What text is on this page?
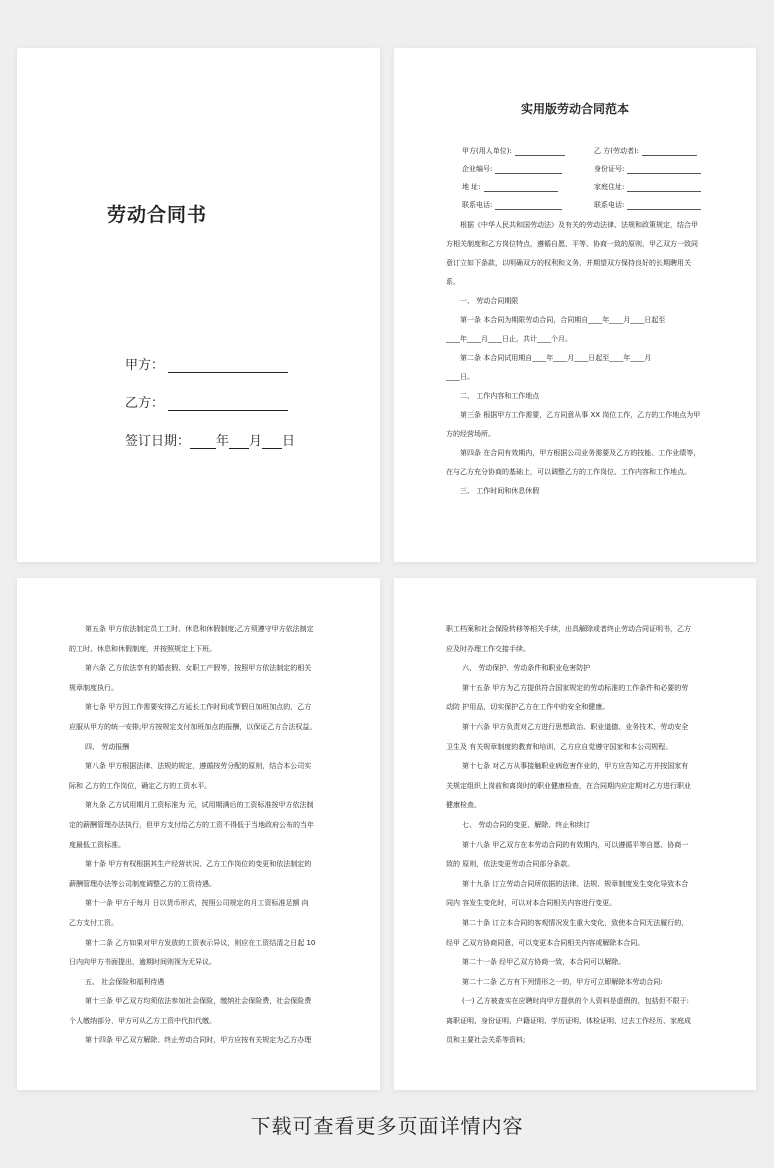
劳动合同书
甲方：
乙方：
签订日期： 年 月 日
实用版劳动合同范本
甲方(用人单位):	乙 方(劳动者):
企业编号:	身份证号:
地 址:	家庭住址:
联系电话:	联系电话:

根据《中华人民共和国劳动法》及有关的劳动法律、法规和政策规定，结合甲方相关制度和乙方岗位特点，遵循自愿、平等、协商一致的原则，甲乙双方一致同意订立如下条款，以明确双方的权利和义务，并期望双方保持良好的长期聘用关系。

一、 劳动合同期限

第一条 本合同为期限劳动合同，合同期自____年____月____日起至

____年____月____日止，共计____个月。

第二条 本合同试用期自____年____月____日起至____年____月

____日。

二、 工作内容和工作地点

第三条 根据甲方工作需要，乙方同意从事 XX 岗位工作，乙方的工作地点为甲方的经营场所。

第四条 在合同有效期内，甲方根据公司业务需要及乙方的技能、工作业绩等，在与乙方充分协商的基础上，可以调整乙方的工作岗位、工作内容和工作地点。

三、 工作时间和休息休假

第五条 甲方依法制定员工工时、休息和休假制度;乙方须遵守甲方依法制定

的工时、休息和休假制度，并按照规定上下班。

第六条 乙方依法享有的婚丧假、女职工产假等，按照甲方依法制定的相关

规章制度执行。

第七条 甲方因工作需要安排乙方延长工作时间或节假日加班加点的，乙方

应服从甲方的统一安排;甲方按规定支付加班加点的报酬，以保证乙方合法权益。

四、 劳动报酬

第八条 甲方根据法律、法规的规定，遵循按劳分配的原则，结合本公司实

际和 乙方的工作岗位，确定乙方的工资水平。

第九条 乙方试用期月工资标准为 元，试用期满后的工资标准按甲方依法制

定的薪酬管理办法执行，但甲方支付给乙方的工资不得低于当地政府公布的当年

度最低工资标准。

第十条 甲方有权根据其生产经营状况、乙方工作岗位的变更和依法制定的

薪酬管理办法等公司制度调整乙方的工资待遇。

第十一条 甲方于每月 日以货币形式，按照公司规定的月工资标准足额 向

乙方支付工资。

第十二条 乙方如果对甲方发放的工资表示异议，则应在工资结清之日起 10

日内向甲方书面提出，逾期时间则视为无异议。

五、 社会保险和福利待遇

第十三条 甲乙双方均须依法参加社会保险，缴纳社会保险费，社会保险费

个人缴纳部分，甲方可从乙方工资中代扣代缴。

第十四条 甲乙双方解除、终止劳动合同时，甲方应按有关规定为乙方办理

职工档案和社会保险转移等相关手续，出具解除或者终止劳动合同证明书，乙方

应及时办理工作交接手续。

六、 劳动保护、劳动条件和职业危害防护

第十五条 甲方为乙方提供符合国家规定的劳动标准的工作条件和必要的劳

动防 护用品，切实保护乙方在工作中的安全和健康。

第十六条 甲方负责对乙方进行思想政治、职业道德、业务技术、劳动安全

卫生及 有关规章制度的教育和培训，乙方应自觉遵守国家和本公司规程。

第十七条 对乙方从事接触职业病危害作业的，甲方应告知乙方并按国家有

关规定组织上岗前和离岗时的职业健康检查，在合同期内应定期对乙方进行职业

健康检查。

七、 劳动合同的变更、解除、终止和续订

第十八条 甲乙双方在本劳动合同的有效期内，可以遵循平等自愿、协商一

致的 原则，依法变更劳动合同部分条款。

第十九条 订立劳动合同所依据的法律、法规、规章制度发生变化导致本合

同内 容发生变化时，可以对本合同相关内容进行变更。

第二十条 订立本合同的客观情况发生重大变化，致使本合同无法履行的，

经甲 乙双方协商同意，可以变更本合同相关内容或解除本合同。

第二十一条 经甲乙双方协商一致，本合同可以解除。

第二十二条 乙方有下列情形之一的，甲方可立即解除本劳动合同:

(一) 乙方被查实在应聘时向甲方提供的个人资料是虚假的，包括但不限于:

离职证明、身份证明、户籍证明、学历证明、体检证明、过去工作经历、家庭成

员和主要社会关系等资料;

下载可查看更多页面详情内容
